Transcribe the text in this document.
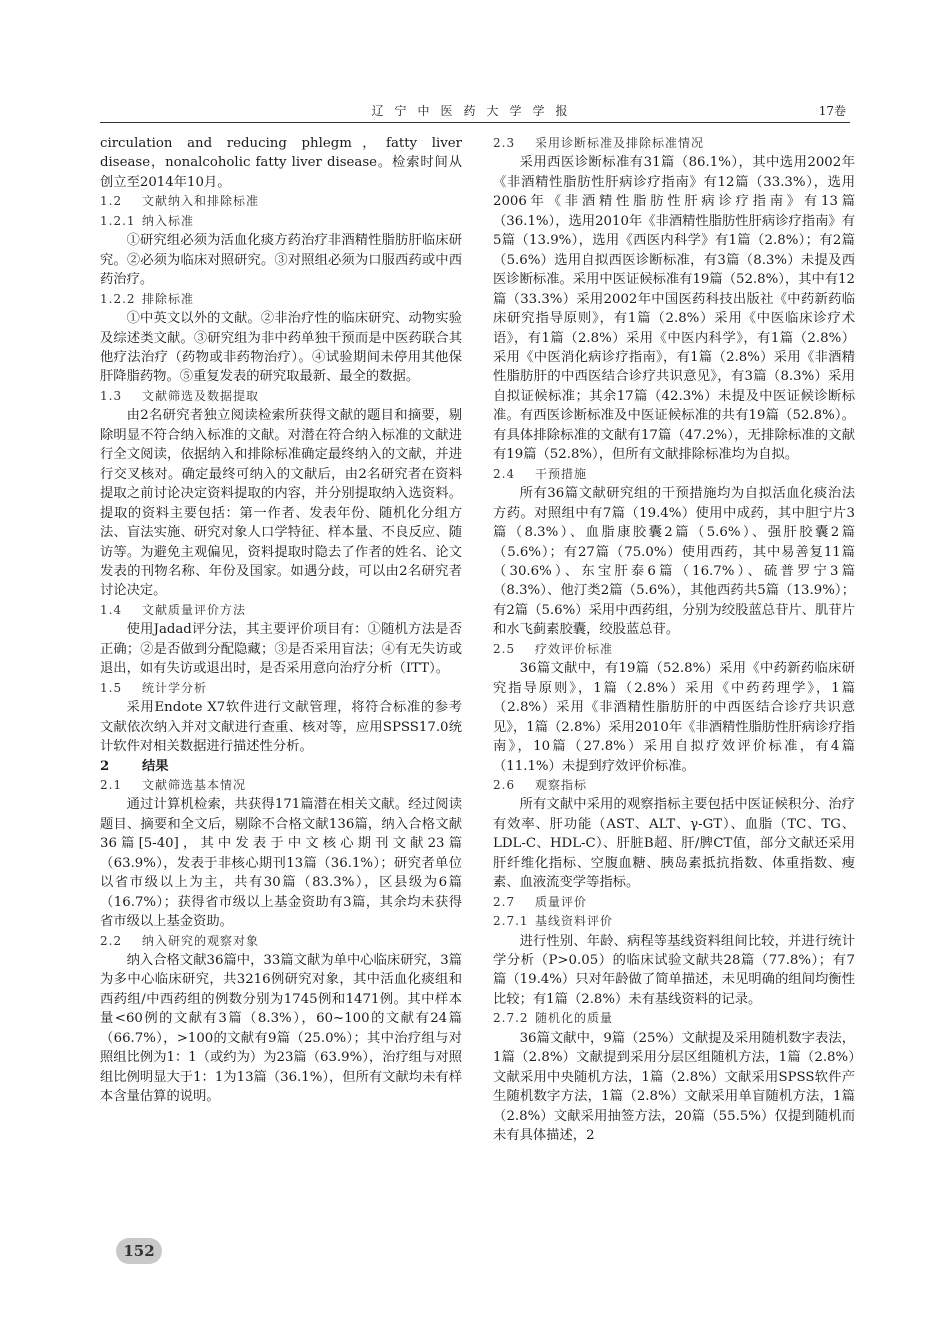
辽宁中医药大学学报	17卷

circulation and reducing phlegm，fatty liver disease，nonalcoholic fatty liver disease。检索时间从创立至2014年10月。

1.2 文献纳入和排除标准
1.2.1 纳入标准

①研究组必须为活血化痰方药治疗非酒精性脂肪肝临床研究。②必须为临床对照研究。③对照组必须为口服西药或中西药治疗。

1.2.2 排除标准

①中英文以外的文献。②非治疗性的临床研究、动物实验及综述类文献。③研究组为非中药单独干预而是中医药联合其他疗法治疗（药物或非药物治疗）。④试验期间未停用其他保肝降脂药物。⑤重复发表的研究取最新、最全的数据。

1.3 文献筛选及数据提取

由2名研究者独立阅读检索所获得文献的题目和摘要，剔除明显不符合纳入标准的文献。对潜在符合纳入标准的文献进行全文阅读，依据纳入和排除标准确定最终纳入的文献，并进行交叉核对。确定最终可纳入的文献后，由2名研究者在资料提取之前讨论决定资料提取的内容，并分别提取纳入选资料。提取的资料主要包括：第一作者、发表年份、随机化分组方法、盲法实施、研究对象人口学特征、样本量、不良反应、随访等。为避免主观偏见，资料提取时隐去了作者的姓名、论文发表的刊物名称、年份及国家。如遇分歧，可以由2名研究者讨论决定。

1.4 文献质量评价方法

使用Jadad评分法，其主要评价项目有：①随机方法是否正确；②是否做到分配隐藏；③是否采用盲法；④有无失访或退出，如有失访或退出时，是否采用意向治疗分析（ITT）。

1.5 统计学分析

采用Endote X7软件进行文献管理，将符合标准的参考文献依次纳入并对文献进行查重、核对等，应用SPSS17.0统计软件对相关数据进行描述性分析。

2 结果
2.1 文献筛选基本情况

通过计算机检索，共获得171篇潜在相关文献。经过阅读题目、摘要和全文后，剔除不合格文献136篇，纳入合格文献36篇[5-40]，其中发表于中文核心期刊文献23篇（63.9%），发表于非核心期刊13篇（36.1%）；研究者单位以省市级以上为主，共有30篇（83.3%），区县级为6篇（16.7%）；获得省市级以上基金资助有3篇，其余均未获得省市级以上基金资助。

2.2 纳入研究的观察对象

纳入合格文献36篇中，33篇文献为单中心临床研究，3篇为多中心临床研究，共3216例研究对象，其中活血化痰组和西药组/中西药组的例数分别为1745例和1471例。其中样本量<60例的文献有3篇（8.3%），60~100的文献有24篇（66.7%），>100的文献有9篇（25.0%）；其中治疗组与对照组比例为1：1（或约为）为23篇（63.9%），治疗组与对照组比例明显大于1：1为13篇（36.1%），但所有文献均未有样本含量估算的说明。

2.3 采用诊断标准及排除标准情况

采用西医诊断标准有31篇（86.1%），其中选用2002年《非酒精性脂肪性肝病诊疗指南》有12篇（33.3%），选用2006年《非酒精性脂肪性肝病诊疗指南》有13篇（36.1%），选用2010年《非酒精性脂肪性肝病诊疗指南》有5篇（13.9%），选用《西医内科学》有1篇（2.8%）；有2篇（5.6%）选用自拟西医诊断标准，有3篇（8.3%）未提及西医诊断标准。采用中医证候标准有19篇（52.8%），其中有12篇（33.3%）采用2002年中国医药科技出版社《中药新药临床研究指导原则》，有1篇（2.8%）采用《中医临床诊疗术语》，有1篇（2.8%）采用《中医内科学》，有1篇（2.8%）采用《中医消化病诊疗指南》，有1篇（2.8%）采用《非酒精性脂肪肝的中西医结合诊疗共识意见》，有3篇（8.3%）采用自拟证候标准；其余17篇（42.3%）未提及中医证候诊断标准。有西医诊断标准及中医证候标准的共有19篇（52.8%）。有具体排除标准的文献有17篇（47.2%），无排除标准的文献有19篇（52.8%），但所有文献排除标准均为自拟。

2.4 干预措施

所有36篇文献研究组的干预措施均为自拟活血化痰治法方药。对照组中有7篇（19.4%）使用中成药，其中胆宁片3篇（8.3%）、血脂康胶囊2篇（5.6%）、强肝胶囊2篇（5.6%）；有27篇（75.0%）使用西药，其中易善复11篇（30.6%）、东宝肝泰6篇（16.7%）、硫普罗宁3篇（8.3%）、他汀类2篇（5.6%），其他西药共5篇（13.9%）；有2篇（5.6%）采用中西药组，分别为绞股蓝总苷片、肌苷片和水飞蓟素胶囊，绞股蓝总苷。

2.5 疗效评价标准

36篇文献中，有19篇（52.8%）采用《中药新药临床研究指导原则》，1篇（2.8%）采用《中药药理学》，1篇（2.8%）采用《非酒精性脂肪肝的中西医结合诊疗共识意见》，1篇（2.8%）采用2010年《非酒精性脂肪性肝病诊疗指南》，10篇（27.8%）采用自拟疗效评价标准，有4篇（11.1%）未提到疗效评价标准。

2.6 观察指标

所有文献中采用的观察指标主要包括中医证候积分、治疗有效率、肝功能（AST、ALT、γ-GT）、血脂（TC、TG、LDL-C、HDL-C）、肝脏B超、肝/脾CT值，部分文献还采用肝纤维化指标、空腹血糖、胰岛素抵抗指数、体重指数、瘦素、血液流变学等指标。

2.7 质量评价
2.7.1 基线资料评价

进行性别、年龄、病程等基线资料组间比较，并进行统计学分析（P>0.05）的临床试验文献共28篇（77.8%）；有7篇（19.4%）只对年龄做了简单描述，未见明确的组间均衡性比较；有1篇（2.8%）未有基线资料的记录。

2.7.2 随机化的质量

36篇文献中，9篇（25%）文献提及采用随机数字表法，1篇（2.8%）文献提到采用分层区组随机方法，1篇（2.8%）文献采用中央随机方法，1篇（2.8%）文献采用SPSS软件产生随机数字方法，1篇（2.8%）文献采用单盲随机方法，1篇（2.8%）文献采用抽签方法，20篇（55.5%）仅提到随机而未有具体描述，2

152
